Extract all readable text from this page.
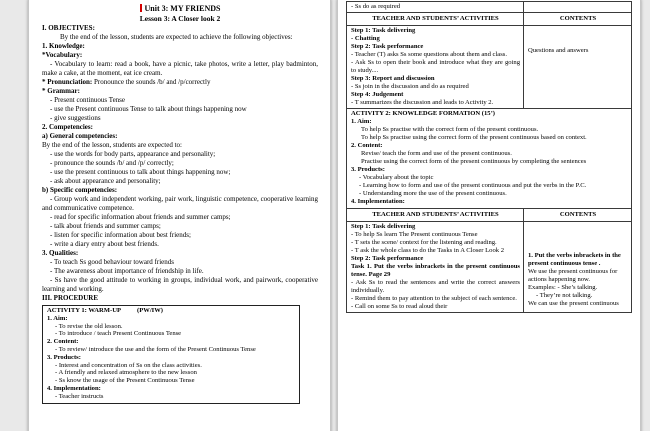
Unit 3: MY FRIENDS
Lesson 3: A Closer look 2
I. OBJECTIVES:
By the end of the lesson, students are expected to achieve the following objectives:
1. Knowledge:
*Vocabulary:
- Vocabulary to learn: read a book, have a picnic, take photos, write a letter, play badminton, make a cake, at the moment, eat ice cream.
* Pronunciation: Pronounce the sounds /b/ and /p/correctly
* Grammar:
- Present continuous Tense
- use the Present continuous Tense to talk about things happening now
- give suggestions
2. Competencies:
a) General competencies:
By the end of the lesson, students are expected to:
- use the words for body parts, appearance and personality;
- pronounce the sounds /b/ and /p/ correctly;
- use the present continuous to talk about things happening now;
- ask about appearance and personality;
b) Specific competencies:
- Group work and independent working, pair work, linguistic competence, cooperative learning and communicative competence.
- read for specific information about friends and summer camps;
- talk about friends and summer camps;
- listen for specific information about best friends;
- write a diary entry about best friends.
3. Qualities:
- To teach Ss good behaviour toward friends
- The awareness about importance of friendship in life.
- Ss have the good attitude to working in groups, individual work, and pairwork, cooperative learning and working.
III. PROCEDURE
ACTIVITY 1: WARM-UP (PW/IW)
1. Aim:
- To revise the old lesson.
- To introduce / teach Present Continuous Tense
2. Content:
- To review/ introduce the use and the form of the Present Continuous Tense
3. Products:
- Interest and concentration of Ss on the class activities.
- A friendly and relaxed atmosphere to the new lesson
- Ss know the usage of the Present Continuous Tense
4. Implementation:
- Teacher instructs
- Ss do as required
TEACHER AND STUDENTS’ ACTIVITIES	CONTENTS
Step 1: Task delivering
- Chatting
Step 2: Task performance
- Teacher (T) asks Ss some questions about them and class.
- Ask Ss to open their book and introduce what they are going to study....
Step 3: Report and discussion
- Ss join in the discussion and do as required
Step 4: Judgement
- T summarizes the discussion and leads to Activity 2.
Questions and answers
ACTIVITY 2: KNOWLEDGE FORMATION (15’)
1. Aim:
To help Ss practise with the correct form of the present continuous.
To help Ss practise using the correct form of the present continuous based on context.
2. Content:
Revise/ teach the form and use of the present continuous.
Practise using the correct form of the present continuous by completing the sentences
3. Products:
- Vocabulary about the topic
- Learning how to form and use of the present continuous and put the verbs in the P.C.
- Understanding more the use of the present continuous.
4. Implementation:
TEACHER AND STUDENTS’ ACTIVITIES	CONTENTS
Step 1: Task delivering
- To help Ss learn The Present continuous Tense
- T sets the scene/ context for the listening and reading.
- T ask the whole class to do the Tasks in A Closer Look 2
Step 2: Task performance
Task 1. Put the verbs inbrackets in the present continuous tense. Page 29
- Ask Ss to read the sentences and write the correct answers individually.
- Remind them to pay attention to the subject of each sentence.
- Call on some Ss to read aloud their
1. Put the verbs inbrackets in the present continuous tense .
We use the present continuous for actions happening now.
Examples: - She’s talking.
- They’re not talking.
We can use the present continuous
